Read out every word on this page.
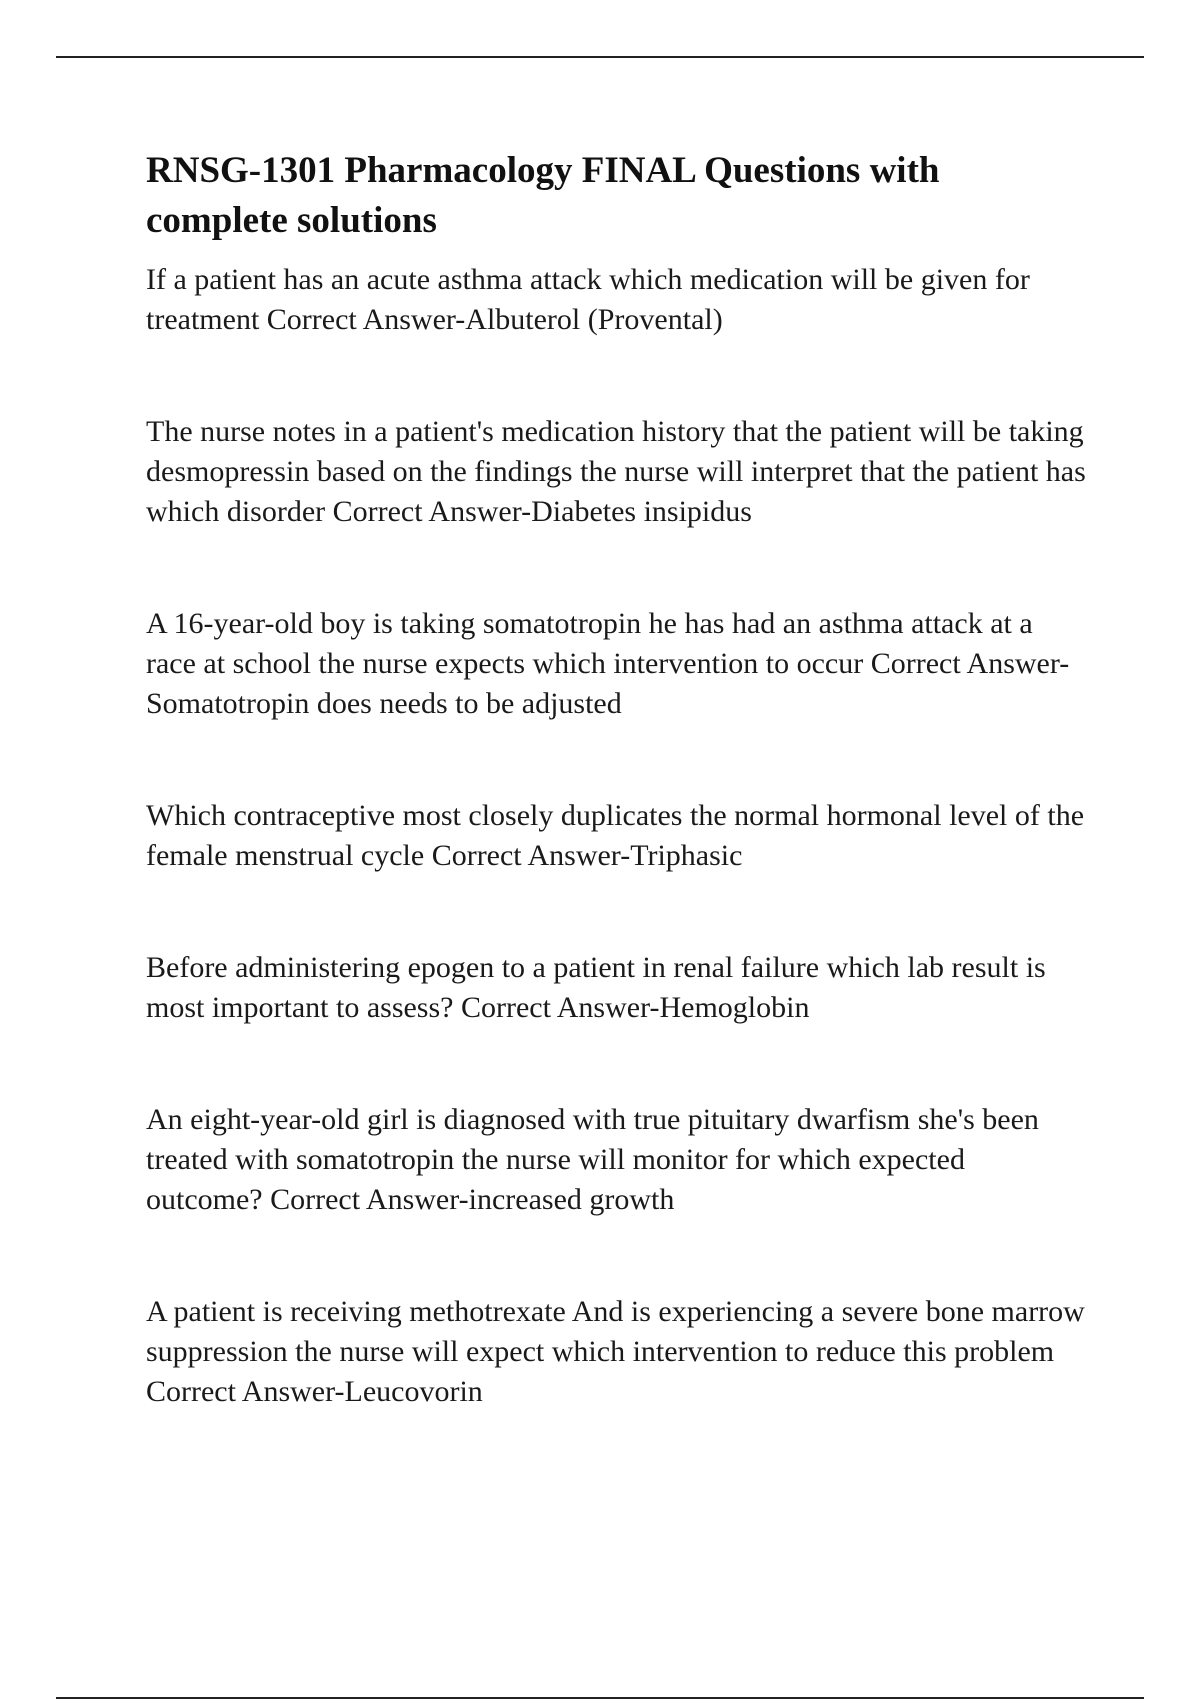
RNSG-1301 Pharmacology FINAL Questions with complete solutions

If a patient has an acute asthma attack which medication will be given for treatment Correct Answer-Albuterol (Provental)

The nurse notes in a patient's medication history that the patient will be taking desmopressin based on the findings the nurse will interpret that the patient has which disorder Correct Answer-Diabetes insipidus

A 16-year-old boy is taking somatotropin he has had an asthma attack at a race at school the nurse expects which intervention to occur Correct Answer-Somatotropin does needs to be adjusted

Which contraceptive most closely duplicates the normal hormonal level of the female menstrual cycle Correct Answer-Triphasic

Before administering epogen to a patient in renal failure which lab result is most important to assess? Correct Answer-Hemoglobin

An eight-year-old girl is diagnosed with true pituitary dwarfism she's been treated with somatotropin the nurse will monitor for which expected outcome? Correct Answer-increased growth

A patient is receiving methotrexate And is experiencing a severe bone marrow suppression the nurse will expect which intervention to reduce this problem Correct Answer-Leucovorin
